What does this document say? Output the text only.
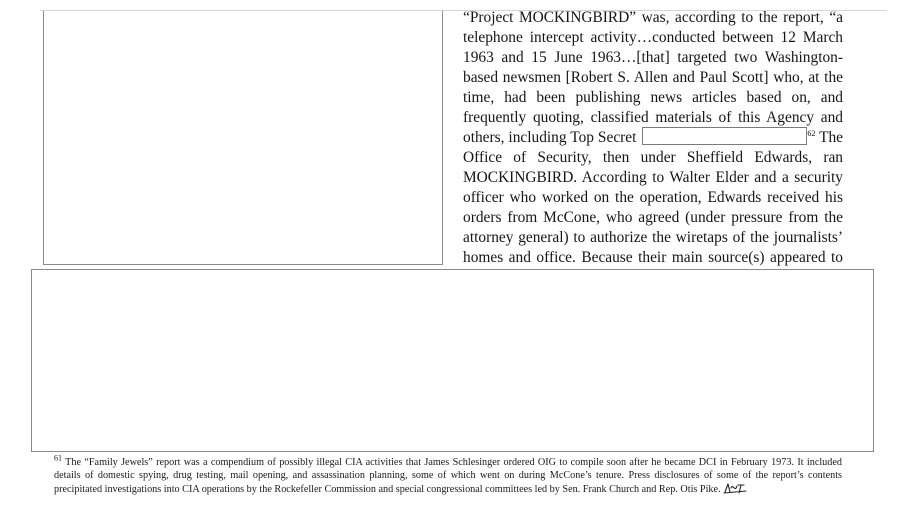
“Project MOCKINGBIRD” was, according to the report, “a telephone intercept activity…conducted between 12 March 1963 and 15 June 1963…[that] targeted two Washington-based newsmen [Robert S. Allen and Paul Scott] who, at the time, had been publishing news articles based on, and frequently quoting, classified materials of this Agency and others, including Top Secret	$^{62}$ The Office of Security, then under Sheffield Edwards, ran MOCKINGBIRD. According to Walter Elder and a security officer who worked on the operation, Edwards received his orders from McCone, who agreed (under pressure from the attorney general) to authorize the wiretaps of the journalists’ homes and office. Because their main source(s) appeared to

$^{61}$ The “Family Jewels” report was a compendium of possibly illegal CIA activities that James Schlesinger ordered OIG to compile soon after he became DCI in February 1973. It included details of domestic spying, drug testing, mail opening, and assassination planning, some of which went on during McCone’s tenure. Press disclosures of some of the report’s contents precipitated investigations into CIA operations by the Rockefeller Commission and special congressional committees led by Sen. Frank Church and Rep. Otis Pike.
